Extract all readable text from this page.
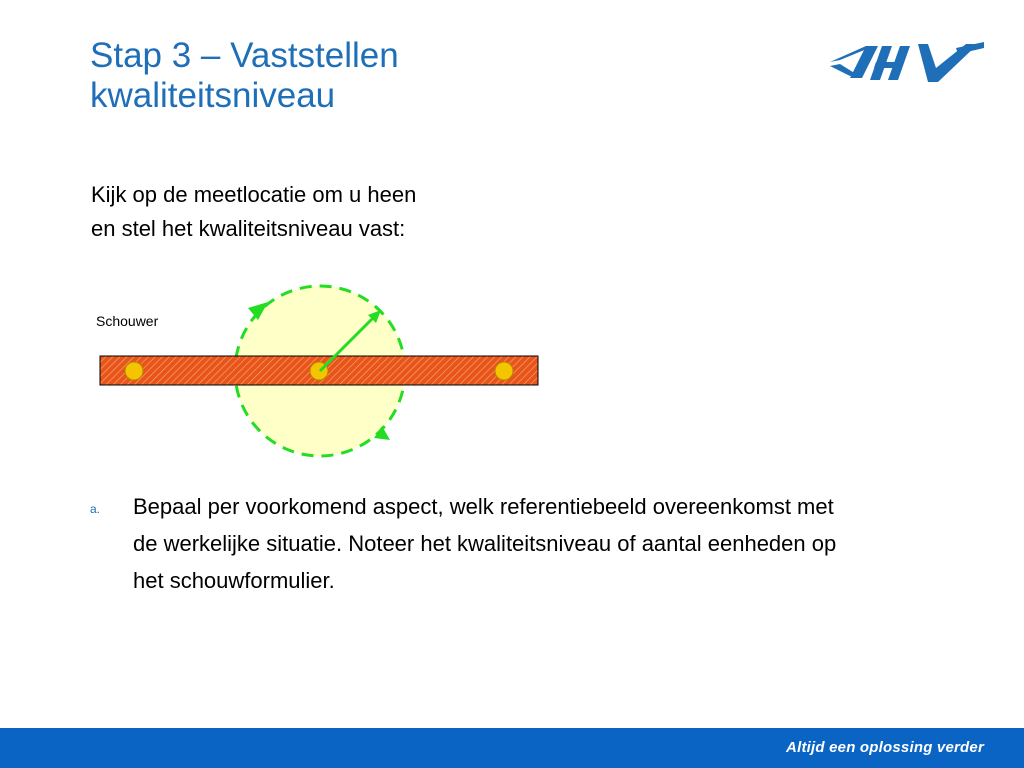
Stap 3 – Vaststellen
kwaliteitsniveau
Kijk op de meetlocatie om u heen
en stel het kwaliteitsniveau vast:
Schouwer
a. Bepaal per voorkomend aspect, welk referentiebeeld overeenkomst met de werkelijke situatie. Noteer het kwaliteitsniveau of aantal eenheden op het schouwformulier.
Altijd een oplossing verder
